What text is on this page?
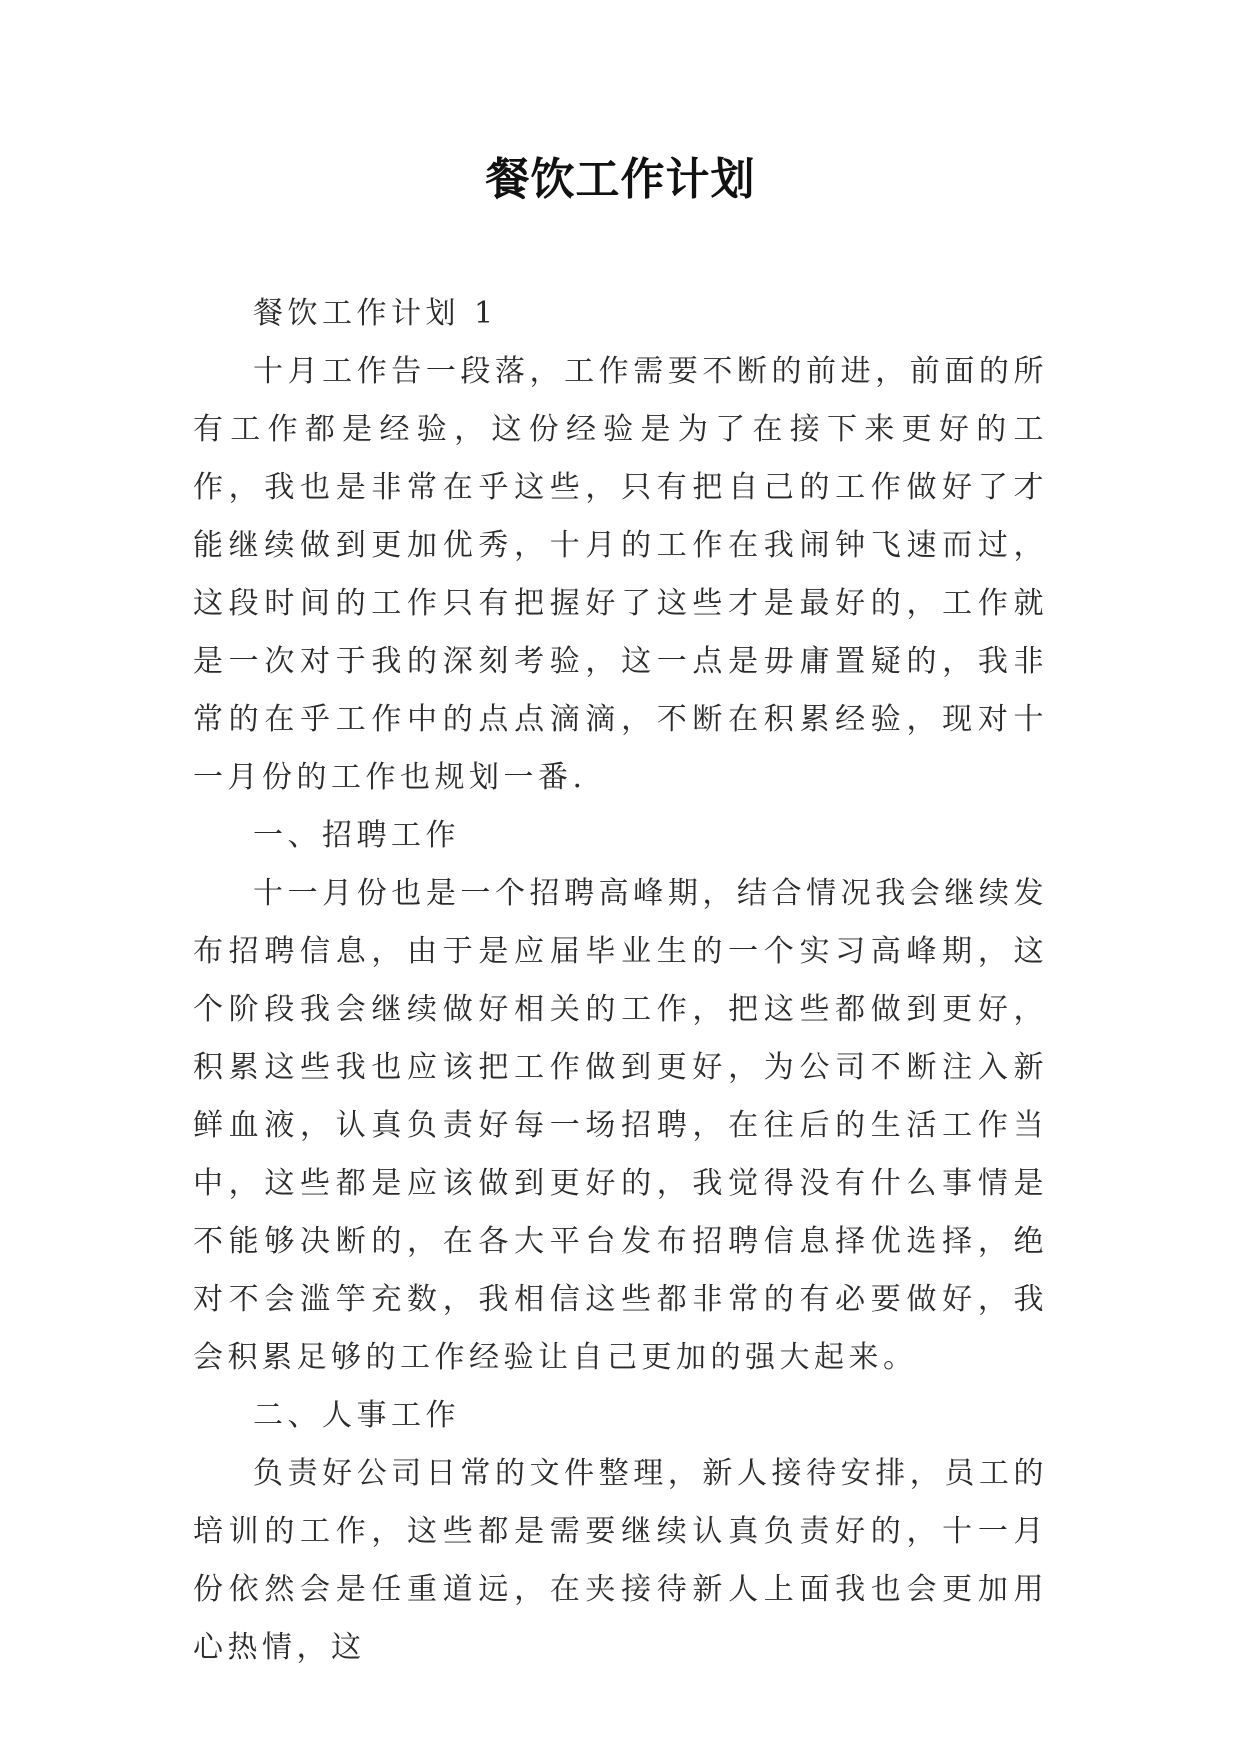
餐饮工作计划

餐饮工作计划 1

十月工作告一段落，工作需要不断的前进，前面的所有工作都是经验，这份经验是为了在接下来更好的工作，我也是非常在乎这些，只有把自己的工作做好了才能继续做到更加优秀，十月的工作在我闹钟飞速而过，这段时间的工作只有把握好了这些才是最好的，工作就是一次对于我的深刻考验，这一点是毋庸置疑的，我非常的在乎工作中的点点滴滴，不断在积累经验，现对十一月份的工作也规划一番.

一、招聘工作

十一月份也是一个招聘高峰期，结合情况我会继续发布招聘信息，由于是应届毕业生的一个实习高峰期，这个阶段我会继续做好相关的工作，把这些都做到更好，积累这些我也应该把工作做到更好，为公司不断注入新鲜血液，认真负责好每一场招聘，在往后的生活工作当中，这些都是应该做到更好的，我觉得没有什么事情是不能够决断的，在各大平台发布招聘信息择优选择，绝对不会滥竽充数，我相信这些都非常的有必要做好，我会积累足够的工作经验让自己更加的强大起来。

二、人事工作

负责好公司日常的文件整理，新人接待安排，员工的培训的工作，这些都是需要继续认真负责好的，十一月份依然会是任重道远，在夹接待新人上面我也会更加用心热情，这
